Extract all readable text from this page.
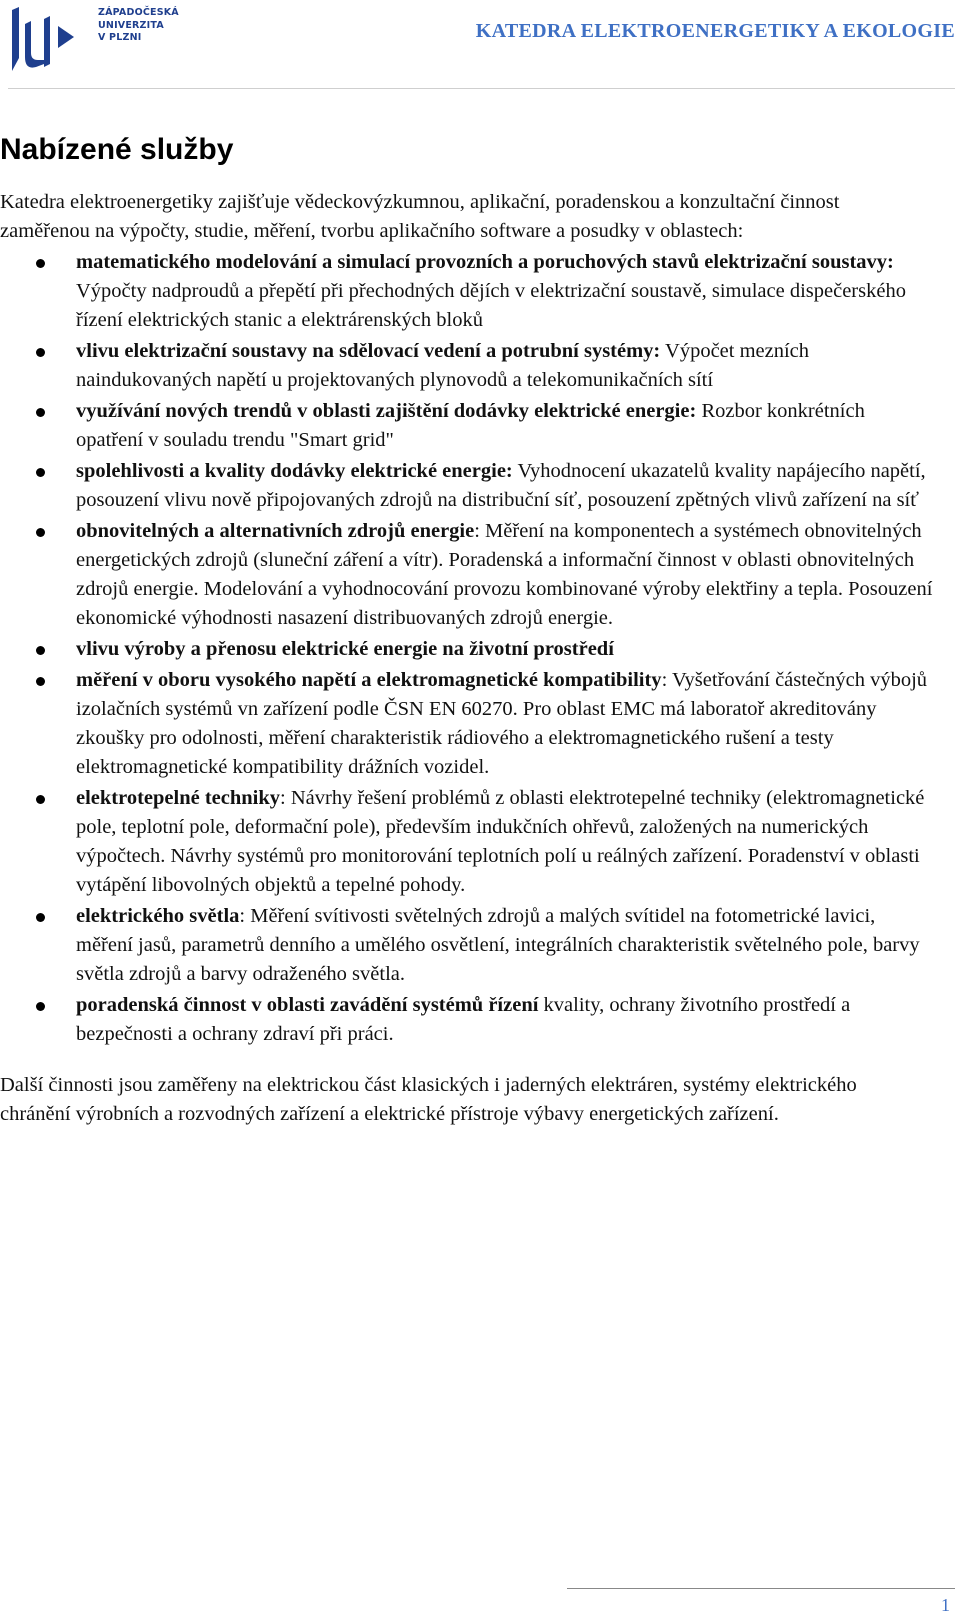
ZÁPADOČESKÁ
UNIVERZITA
V PLZNI	KATEDRA ELEKTROENERGETIKY A EKOLOGIE
Nabízené služby

Katedra elektroenergetiky zajišťuje vědeckovýzkumnou, aplikační, poradenskou a konzultační činnost zaměřenou na výpočty, studie, měření, tvorbu aplikačního software a posudky v oblastech:

matematického modelování a simulací provozních a poruchových stavů elektrizační soustavy: Výpočty nadproudů a přepětí při přechodných dějích v elektrizační soustavě, simulace dispečerského řízení elektrických stanic a elektrárenských bloků
vlivu elektrizační soustavy na sdělovací vedení a potrubní systémy: Výpočet mezních naindukovaných napětí u projektovaných plynovodů a telekomunikačních sítí
využívání nových trendů v oblasti zajištění dodávky elektrické energie: Rozbor konkrétních opatření v souladu trendu "Smart grid"
spolehlivosti a kvality dodávky elektrické energie: Vyhodnocení ukazatelů kvality napájecího napětí, posouzení vlivu nově připojovaných zdrojů na distribuční síť, posouzení zpětných vlivů zařízení na síť
obnovitelných a alternativních zdrojů energie: Měření na komponentech a systémech obnovitelných energetických zdrojů (sluneční záření a vítr). Poradenská a informační činnost v oblasti obnovitelných zdrojů energie. Modelování a vyhodnocování provozu kombinované výroby elektřiny a tepla. Posouzení ekonomické výhodnosti nasazení distribuovaných zdrojů energie.
vlivu výroby a přenosu elektrické energie na životní prostředí
měření v oboru vysokého napětí a elektromagnetické kompatibility: Vyšetřování částečných výbojů izolačních systémů vn zařízení podle ČSN EN 60270. Pro oblast EMC má laboratoř akreditovány zkoušky pro odolnosti, měření charakteristik rádiového a elektromagnetického rušení a testy elektromagnetické kompatibility drážních vozidel.
elektrotepelné techniky: Návrhy řešení problémů z oblasti elektrotepelné techniky (elektromagnetické pole, teplotní pole, deformační pole), především indukčních ohřevů, založených na numerických výpočtech. Návrhy systémů pro monitorování teplotních polí u reálných zařízení. Poradenství v oblasti vytápění libovolných objektů a tepelné pohody.
elektrického světla: Měření svítivosti světelných zdrojů a malých svítidel na fotometrické lavici, měření jasů, parametrů denního a umělého osvětlení, integrálních charakteristik světelného pole, barvy světla zdrojů a barvy odraženého světla.
poradenská činnost v oblasti zavádění systémů řízení kvality, ochrany životního prostředí a bezpečnosti a ochrany zdraví při práci.

Další činnosti jsou zaměřeny na elektrickou část klasických i jaderných elektráren, systémy elektrického chránění výrobních a rozvodných zařízení a elektrické přístroje výbavy energetických zařízení.

1
